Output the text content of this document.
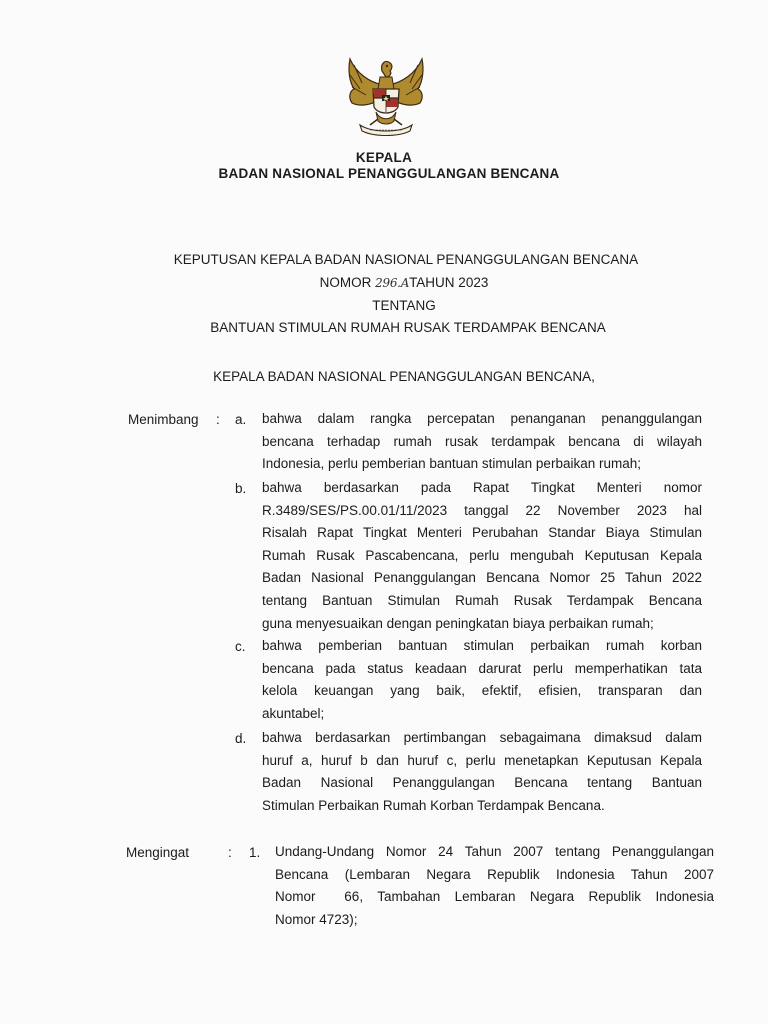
KEPALA
BADAN NASIONAL PENANGGULANGAN BENCANA
KEPUTUSAN KEPALA BADAN NASIONAL PENANGGULANGAN BENCANA
NOMOR 296.ATAHUN 2023
TENTANG
BANTUAN STIMULAN RUMAH RUSAK TERDAMPAK BENCANA
KEPALA BADAN NASIONAL PENANGGULANGAN BENCANA,
Menimbang : a. bahwa dalam rangka percepatan penanganan penanggulangan
bencana terhadap rumah rusak terdampak bencana di wilayah
Indonesia, perlu pemberian bantuan stimulan perbaikan rumah;
b. bahwa berdasarkan pada Rapat Tingkat Menteri nomor
R.3489/SES/PS.00.01/11/2023 tanggal 22 November 2023 hal
Risalah Rapat Tingkat Menteri Perubahan Standar Biaya Stimulan
Rumah Rusak Pascabencana, perlu mengubah Keputusan Kepala
Badan Nasional Penanggulangan Bencana Nomor 25 Tahun 2022
tentang Bantuan Stimulan Rumah Rusak Terdampak Bencana
guna menyesuaikan dengan peningkatan biaya perbaikan rumah;
c. bahwa pemberian bantuan stimulan perbaikan rumah korban
bencana pada status keadaan darurat perlu memperhatikan tata
kelola keuangan yang baik, efektif, efisien, transparan dan
akuntabel;
d. bahwa berdasarkan pertimbangan sebagaimana dimaksud dalam
huruf a, huruf b dan huruf c, perlu menetapkan Keputusan Kepala
Badan Nasional Penanggulangan Bencana tentang Bantuan
Stimulan Perbaikan Rumah Korban Terdampak Bencana.
Mengingat	: 1. Undang-Undang Nomor 24 Tahun 2007 tentang Penanggulangan
Bencana (Lembaran Negara Republik Indonesia Tahun 2007
Nomor  66, Tambahan Lembaran Negara Republik Indonesia
Nomor 4723);
